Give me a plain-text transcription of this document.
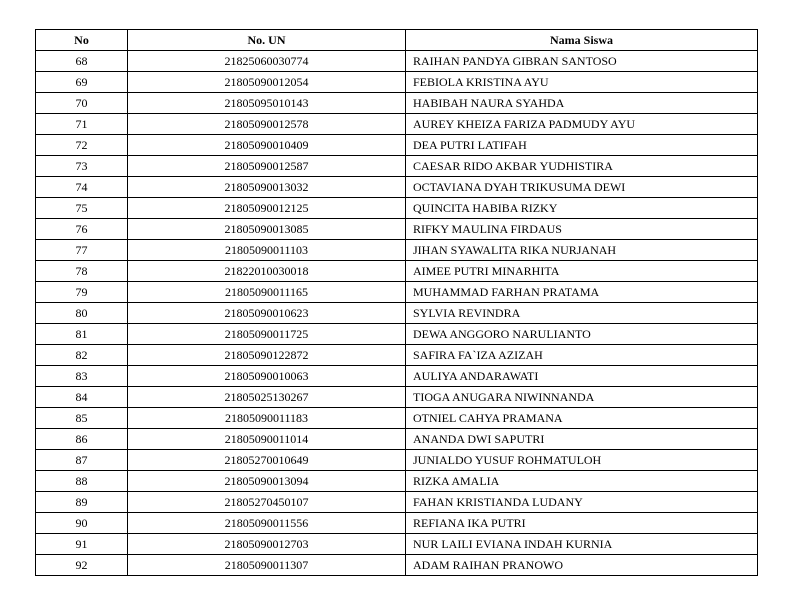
No	No. UN	Nama Siswa
68	21825060030774	RAIHAN PANDYA GIBRAN SANTOSO
69	21805090012054	FEBIOLA KRISTINA AYU
70	21805095010143	HABIBAH NAURA SYAHDA
71	21805090012578	AUREY KHEIZA FARIZA PADMUDY AYU
72	21805090010409	DEA PUTRI LATIFAH
73	21805090012587	CAESAR RIDO AKBAR YUDHISTIRA
74	21805090013032	OCTAVIANA DYAH TRIKUSUMA DEWI
75	21805090012125	QUINCITA HABIBA RIZKY
76	21805090013085	RIFKY MAULINA FIRDAUS
77	21805090011103	JIHAN SYAWALITA RIKA NURJANAH
78	21822010030018	AIMEE PUTRI MINARHITA
79	21805090011165	MUHAMMAD FARHAN PRATAMA
80	21805090010623	SYLVIA REVINDRA
81	21805090011725	DEWA ANGGORO NARULIANTO
82	21805090122872	SAFIRA FA`IZA AZIZAH
83	21805090010063	AULIYA ANDARAWATI
84	21805025130267	TIOGA ANUGARA NIWINNANDA
85	21805090011183	OTNIEL CAHYA PRAMANA
86	21805090011014	ANANDA DWI SAPUTRI
87	21805270010649	JUNIALDO YUSUF ROHMATULOH
88	21805090013094	RIZKA AMALIA
89	21805270450107	FAHAN KRISTIANDA LUDANY
90	21805090011556	REFIANA IKA PUTRI
91	21805090012703	NUR LAILI EVIANA INDAH KURNIA
92	21805090011307	ADAM RAIHAN PRANOWO
